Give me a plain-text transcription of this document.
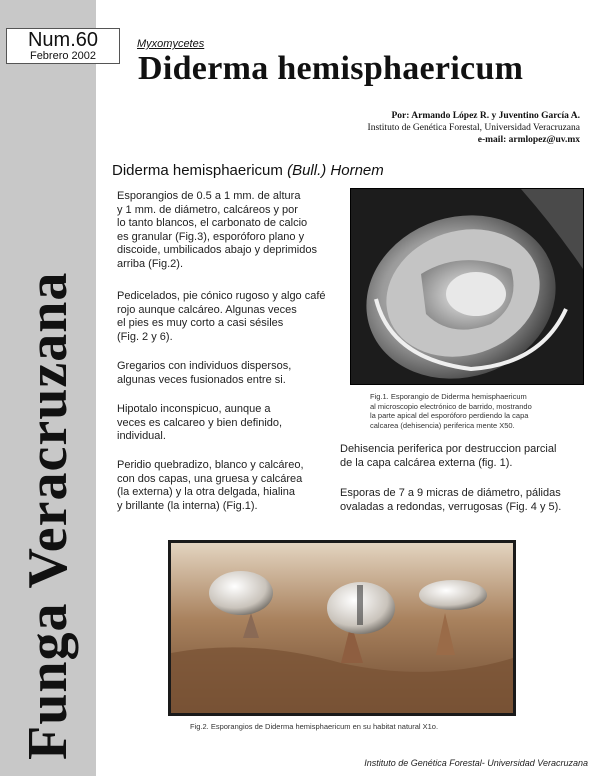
Num.60
Febrero 2002
Funga Veracruzana
Myxomycetes
Diderma hemisphaericum
Por: Armando López R. y Juventino García A.
Instituto de Genética Forestal, Universidad Veracruzana
e-mail: armlopez@uv.mx
Diderma hemisphaericum (Bull.) Hornem
Esporangios de 0.5 a 1 mm. de altura
y 1 mm. de diámetro, calcáreos y por
lo tanto blancos, el carbonato de calcio
es granular (Fig.3), esporóforo plano y
discoide, umbilicados abajo y deprimidos
arriba (Fig.2).
Pedicelados, pie cónico rugoso y algo café
rojo aunque calcáreo. Algunas veces
el pies es muy corto a casi sésiles
(Fig. 2 y 6).
Gregarios con individuos dispersos,
algunas veces fusionados entre si.
Hipotalo inconspicuo, aunque a
veces es calcareo y bien definido,
individual.
Peridio quebradizo, blanco y calcáreo,
con dos capas, una gruesa y calcárea
(la externa) y la otra delgada, hialina
y brillante (la interna) (Fig.1).
Fig.1. Esporangio de Diderma hemisphaericum
al microscopio electrónico de barrido, mostrando
la parte apical del esporóforo perdiendo la capa
calcarea (dehisencia) periferica mente X50.
Dehisencia periferica por destruccion parcial
de la capa calcárea externa (fig. 1).
Esporas de 7 a 9 micras de diámetro, pálidas
ovaladas a redondas, verrugosas (Fig. 4 y 5).
Fig.2. Esporangios de Diderma hemisphaericum en su habitat natural X1o.
Instituto de Genética Forestal- Universidad Veracruzana
